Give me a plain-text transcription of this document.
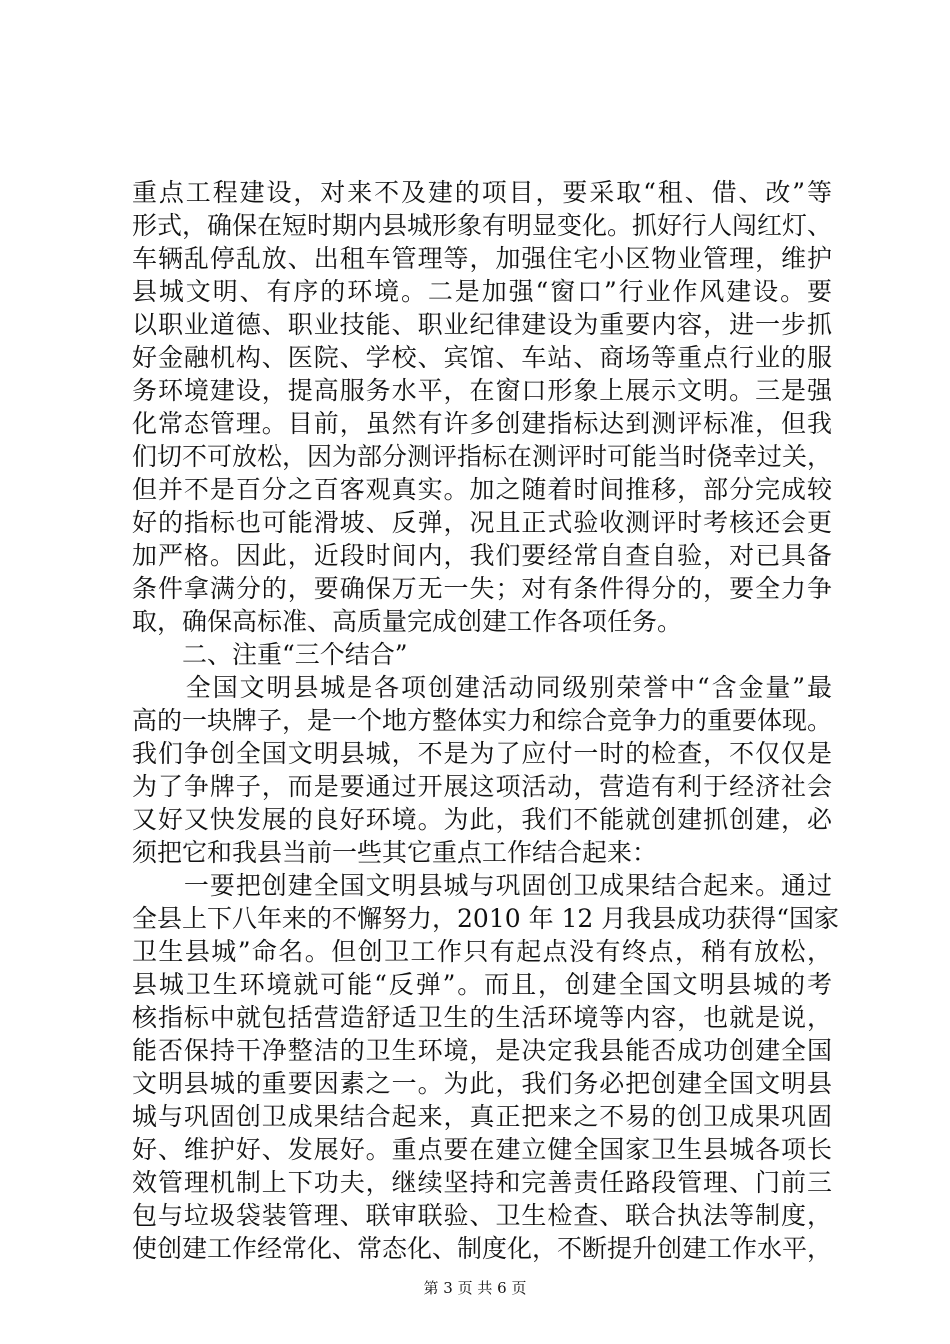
重点工程建设，对来不及建的项目，要采取“租、借、改”等
形式，确保在短时期内县城形象有明显变化。抓好行人闯红灯、
车辆乱停乱放、出租车管理等，加强住宅小区物业管理，维护
县城文明、有序的环境。二是加强“窗口”行业作风建设。要
以职业道德、职业技能、职业纪律建设为重要内容，进一步抓
好金融机构、医院、学校、宾馆、车站、商场等重点行业的服
务环境建设，提高服务水平，在窗口形象上展示文明。三是强
化常态管理。目前，虽然有许多创建指标达到测评标准，但我
们切不可放松，因为部分测评指标在测评时可能当时侥幸过关，
但并不是百分之百客观真实。加之随着时间推移，部分完成较
好的指标也可能滑坡、反弹，况且正式验收测评时考核还会更
加严格。因此，近段时间内，我们要经常自查自验，对已具备
条件拿满分的，要确保万无一失；对有条件得分的，要全力争
取，确保高标准、高质量完成创建工作各项任务。
　　二、注重“三个结合”
　　全国文明县城是各项创建活动同级别荣誉中“含金量”最
高的一块牌子，是一个地方整体实力和综合竞争力的重要体现。
我们争创全国文明县城，不是为了应付一时的检查，不仅仅是
为了争牌子，而是要通过开展这项活动，营造有利于经济社会
又好又快发展的良好环境。为此，我们不能就创建抓创建，必
须把它和我县当前一些其它重点工作结合起来：
　　一要把创建全国文明县城与巩固创卫成果结合起来。通过
全县上下八年来的不懈努力，2010 年 12 月我县成功获得“国家
卫生县城”命名。但创卫工作只有起点没有终点，稍有放松，
县城卫生环境就可能“反弹”。而且，创建全国文明县城的考
核指标中就包括营造舒适卫生的生活环境等内容，也就是说，
能否保持干净整洁的卫生环境，是决定我县能否成功创建全国
文明县城的重要因素之一。为此，我们务必把创建全国文明县
城与巩固创卫成果结合起来，真正把来之不易的创卫成果巩固
好、维护好、发展好。重点要在建立健全国家卫生县城各项长
效管理机制上下功夫，继续坚持和完善责任路段管理、门前三
包与垃圾袋装管理、联审联验、卫生检查、联合执法等制度，
使创建工作经常化、常态化、制度化，不断提升创建工作水平，
第 3 页 共 6 页
